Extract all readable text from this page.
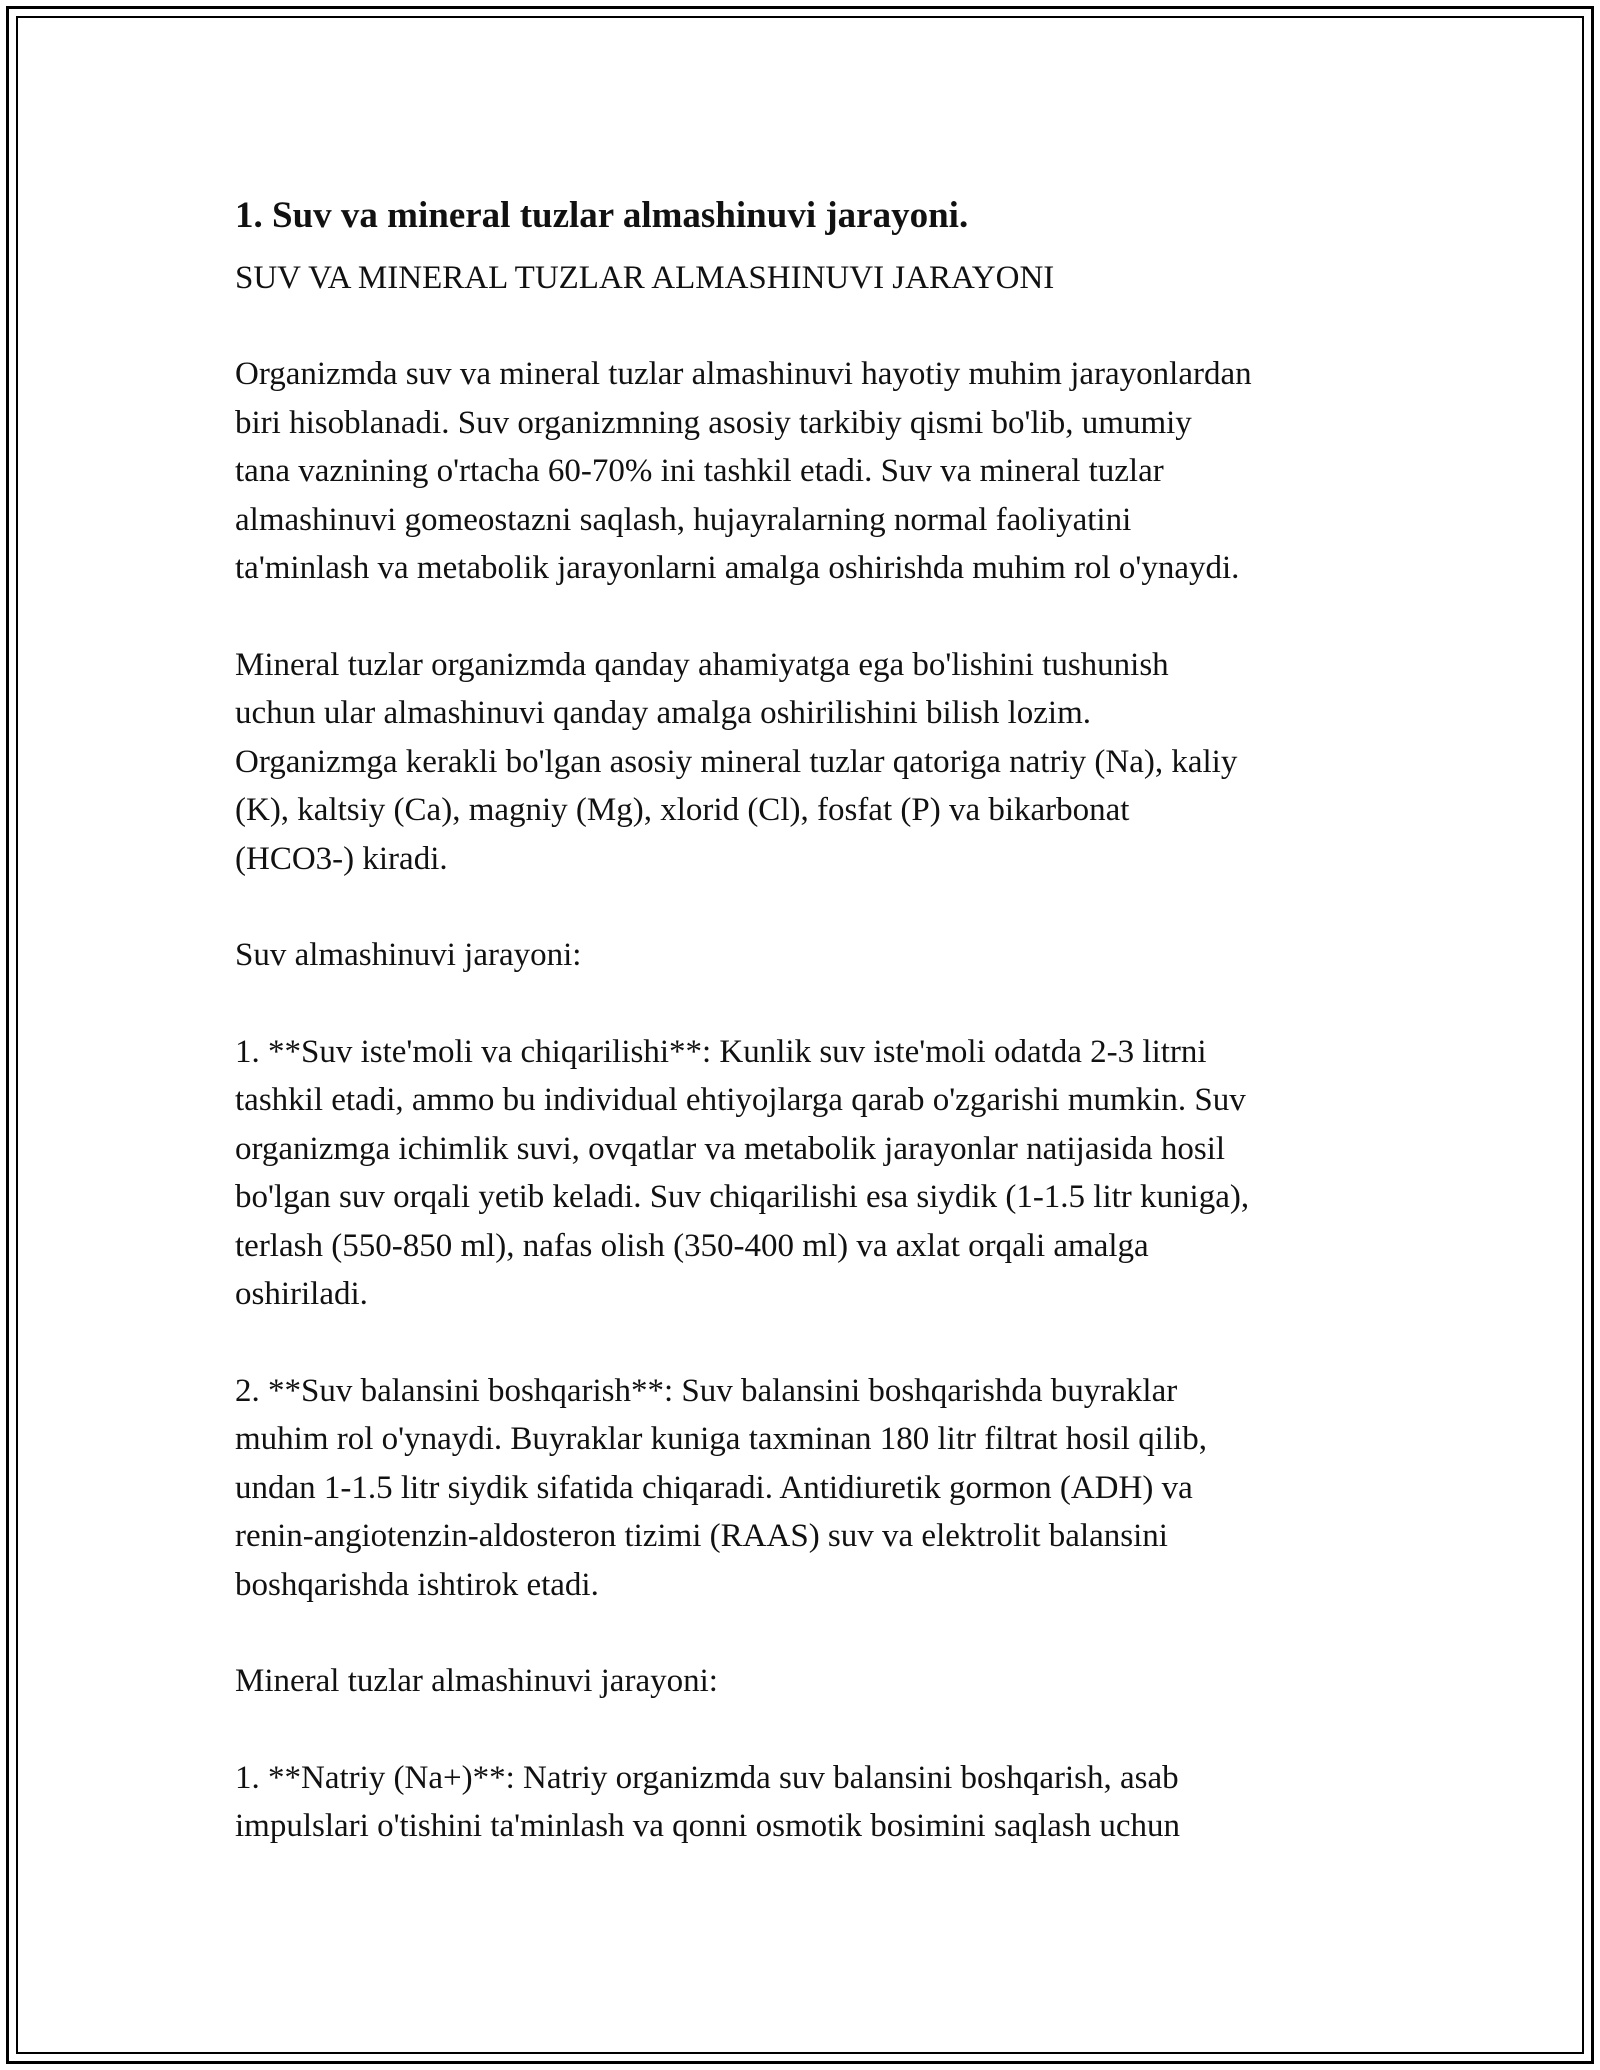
1. Suv va mineral tuzlar almashinuvi jarayoni.
SUV VA MINERAL TUZLAR ALMASHINUVI JARAYONI
Organizmda suv va mineral tuzlar almashinuvi hayotiy muhim jarayonlardan
biri hisoblanadi. Suv organizmning asosiy tarkibiy qismi bo'lib, umumiy
tana vaznining o'rtacha 60-70% ini tashkil etadi. Suv va mineral tuzlar
almashinuvi gomeostazni saqlash, hujayralarning normal faoliyatini
ta'minlash va metabolik jarayonlarni amalga oshirishda muhim rol o'ynaydi.
Mineral tuzlar organizmda qanday ahamiyatga ega bo'lishini tushunish
uchun ular almashinuvi qanday amalga oshirilishini bilish lozim.
Organizmga kerakli bo'lgan asosiy mineral tuzlar qatoriga natriy (Na), kaliy
(K), kaltsiy (Ca), magniy (Mg), xlorid (Cl), fosfat (P) va bikarbonat
(HCO3-) kiradi.
Suv almashinuvi jarayoni:
1. **Suv iste'moli va chiqarilishi**: Kunlik suv iste'moli odatda 2-3 litrni
tashkil etadi, ammo bu individual ehtiyojlarga qarab o'zgarishi mumkin. Suv
organizmga ichimlik suvi, ovqatlar va metabolik jarayonlar natijasida hosil
bo'lgan suv orqali yetib keladi. Suv chiqarilishi esa siydik (1-1.5 litr kuniga),
terlash (550-850 ml), nafas olish (350-400 ml) va axlat orqali amalga
oshiriladi.
2. **Suv balansini boshqarish**: Suv balansini boshqarishda buyraklar
muhim rol o'ynaydi. Buyraklar kuniga taxminan 180 litr filtrat hosil qilib,
undan 1-1.5 litr siydik sifatida chiqaradi. Antidiuretik gormon (ADH) va
renin-angiotenzin-aldosteron tizimi (RAAS) suv va elektrolit balansini
boshqarishda ishtirok etadi.
Mineral tuzlar almashinuvi jarayoni:
1. **Natriy (Na+)**: Natriy organizmda suv balansini boshqarish, asab
impulslari o'tishini ta'minlash va qonni osmotik bosimini saqlash uchun
